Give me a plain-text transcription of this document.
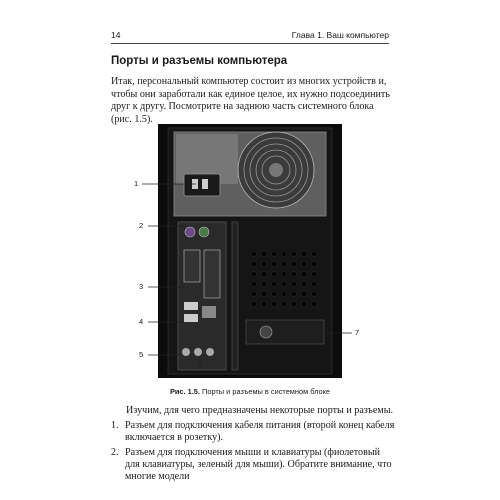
14	Глава 1. Ваш компьютер
Порты и разъемы компьютера

Итак, персональный компьютер состоит из многих устройств и, чтобы они заработали как единое целое, их нужно подсоединить друг к другу. Посмотрите на заднюю часть системного блока (рис. 1.5).

1
2
3
4
5
6
7
Рис. 1.5. Порты и разъемы в системном блоке

Изучим, для чего предназначены некоторые порты и разъемы.

1. Разъем для подключения кабеля питания (второй конец кабеля включается в розетку).
2. Разъем для подключения мыши и клавиатуры (фиолетовый для клавиатуры, зеленый для мыши). Обратите внимание, что многие модели
